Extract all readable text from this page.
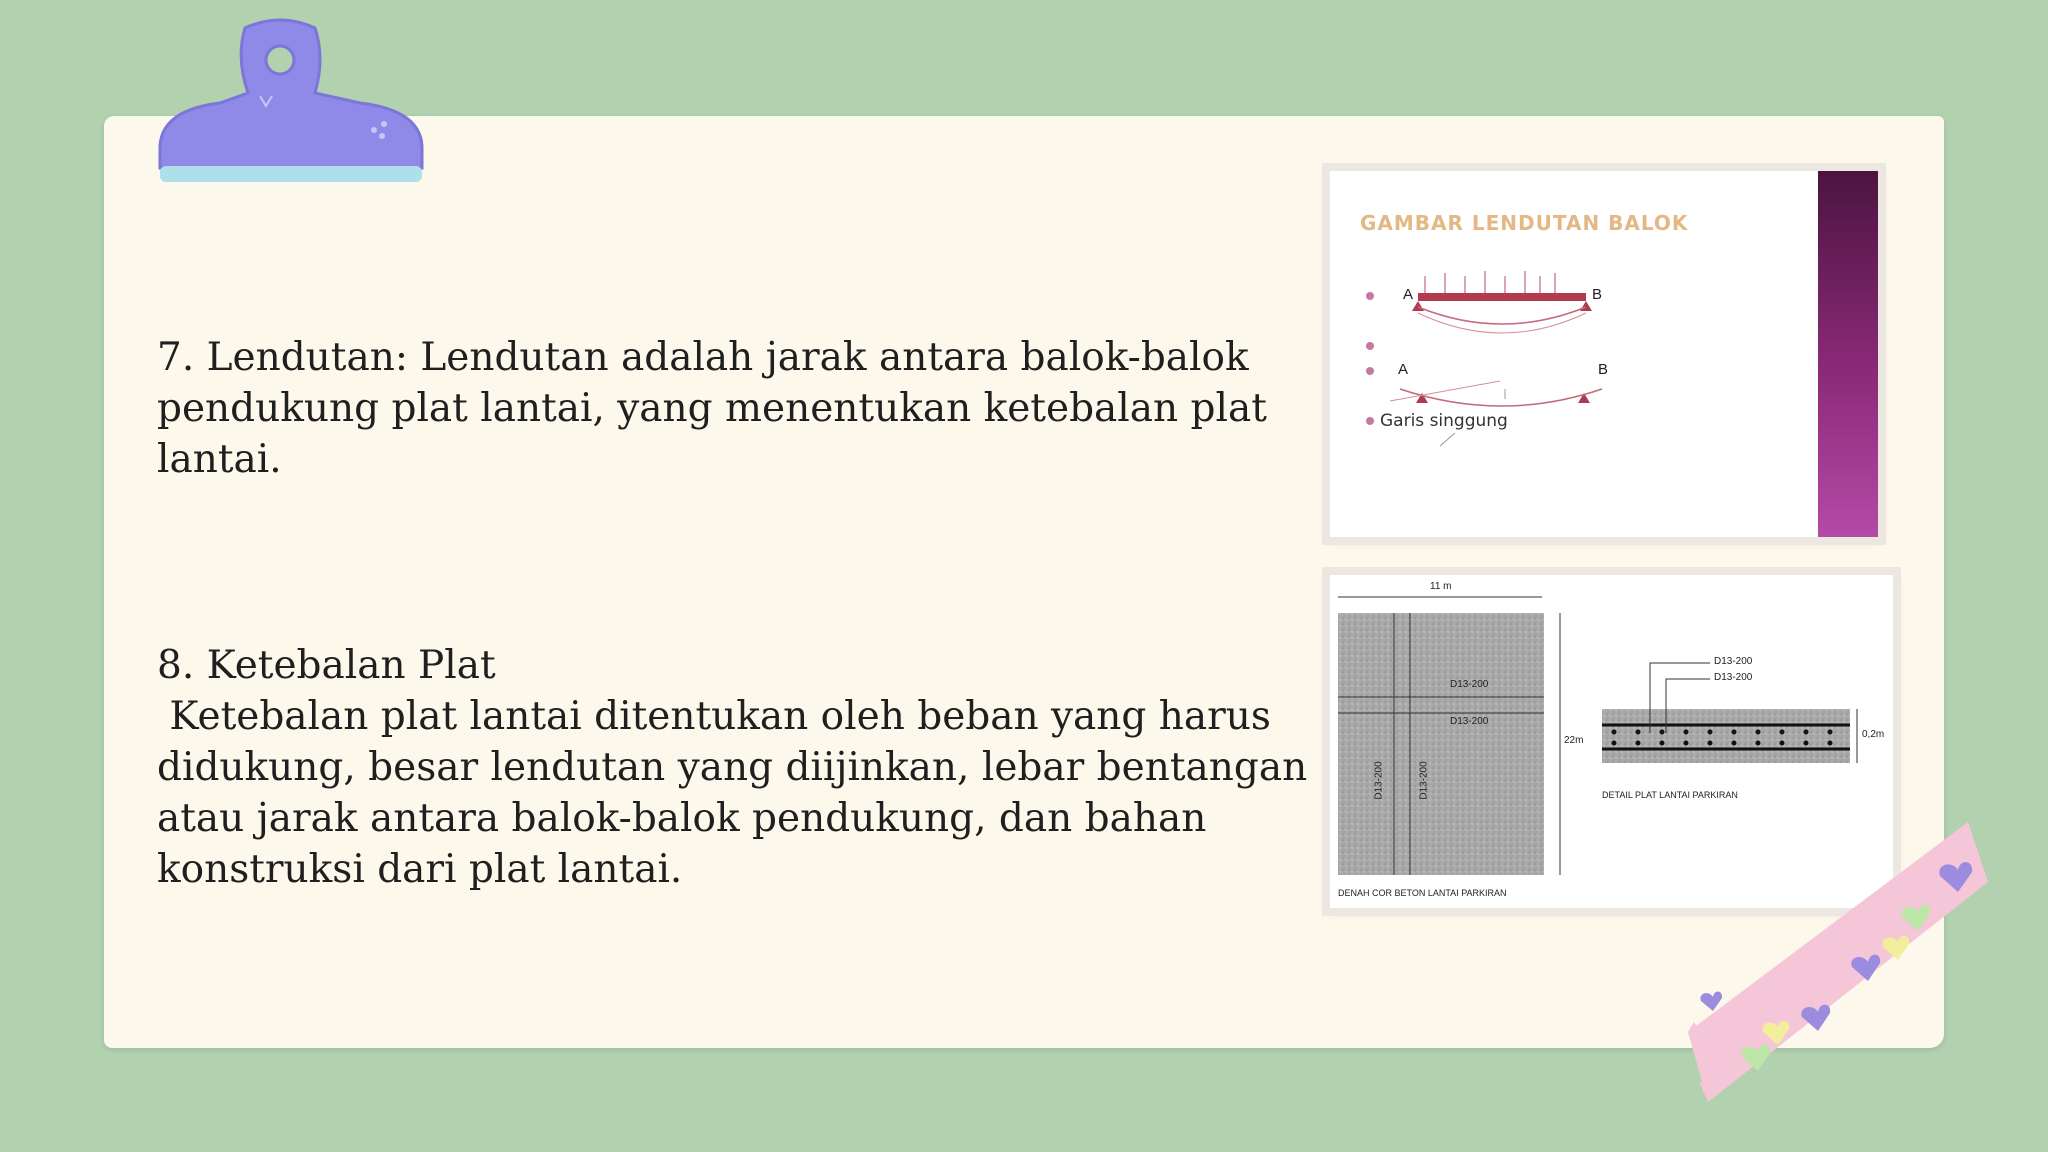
7. Lendutan: Lendutan adalah jarak antara balok-balok pendukung plat lantai, yang menentukan ketebalan plat lantai.

8. Ketebalan Plat
Ketebalan plat lantai ditentukan oleh beban yang harus didukung, besar lendutan yang diijinkan, lebar bentangan atau jarak antara balok-balok pendukung, dan bahan konstruksi dari plat lantai.
GAMBAR LENDUTAN BALOK
A	B
A	B
Garis singgung
11 m
22m
D13-200
D13-200
D13-200	D13-200
DENAH COR BETON LANTAI PARKIRAN
D13-200
D13-200
0,2m
DETAIL PLAT LANTAI PARKIRAN
